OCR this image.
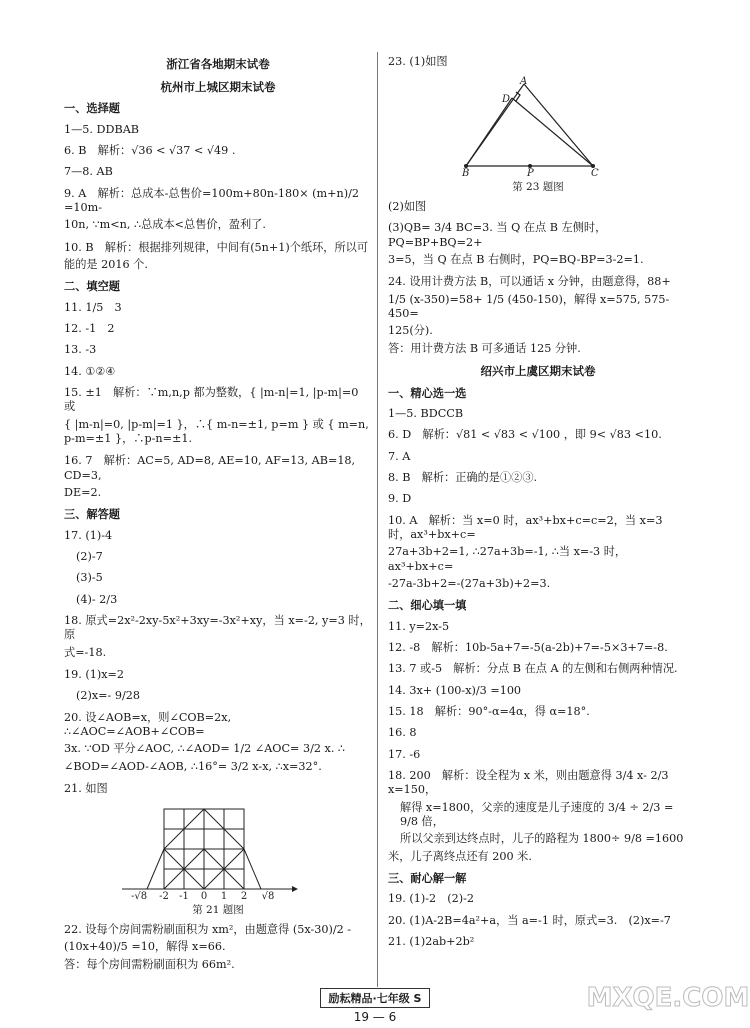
浙江省各地期末试卷
杭州市上城区期末试卷
一、选择题
1—5. DDBAB
6. B　解析：√36 < √37 < √49 .
7—8. AB

9. A　解析：总成本-总售价=100m+80n-180× (m+n)/2 =10m-

10n, ∵m<n, ∴总成本<总售价，盈利了.

10. B　解析：根据排列规律，中间有(5n+1)个纸环，所以可

能的是 2016 个.

二、填空题
11. 1/5　3
12. -1　2
13. -3
14. ①②④

15. ±1　解析：∵m,n,p 都为整数，{ |m-n|=1, |p-m|=0 或

{ |m-n|=0, |p-m|=1 }，∴{ m-n=±1, p=m } 或 { m=n, p-m=±1 }，∴p-n=±1.

16. 7　解析：AC=5, AD=8, AE=10, AF=13, AB=18, CD=3,

DE=2.

三、解答题
17. (1)-4
(2)-7
(3)-5
(4)- 2/3

18. 原式=2x²-2xy-5x²+3xy=-3x²+xy，当 x=-2, y=3 时，原

式=-18.

19. (1)x=2
(2)x=- 9/28

20. 设∠AOB=x，则∠COB=2x, ∴∠AOC=∠AOB+∠COB=

3x. ∵OD 平分∠AOC, ∴∠AOD= 1/2 ∠AOC= 3/2 x. ∴

∠BOD=∠AOD-∠AOB, ∴16°= 3/2 x-x, ∴x=32°.

21. 如图
-√8 -2 -1 0 1 2 √8
第 21 题图

22. 设每个房间需粉刷面积为 xm²，由题意得 (5x-30)/2 -

(10x+40)/5 =10，解得 x=66.

答：每个房间需粉刷面积为 66m².

23. (1)如图
A
D
B	P	C
第 23 题图
(2)如图

(3)QB= 3/4 BC=3. 当 Q 在点 B 左侧时，PQ=BP+BQ=2+

3=5，当 Q 在点 B 右侧时，PQ=BQ-BP=3-2=1.

24. 设用计费方法 B，可以通话 x 分钟，由题意得，88+

1/5 (x-350)=58+ 1/5 (450-150)，解得 x=575, 575-450=

125(分).

答：用计费方法 B 可多通话 125 分钟.

绍兴市上虞区期末试卷
一、精心选一选
1—5. BDCCB
6. D　解析：√81 < √83 < √100 ，即 9< √83 <10.
7. A
8. B　解析：正确的是①②③.
9. D

10. A　解析：当 x=0 时，ax³+bx+c=c=2，当 x=3 时，ax³+bx+c=

27a+3b+2=1, ∴27a+3b=-1, ∴当 x=-3 时，ax³+bx+c=

-27a-3b+2=-(27a+3b)+2=3.

二、细心填一填
11. y=2x-5
12. -8　解析：10b-5a+7=-5(a-2b)+7=-5×3+7=-8.
13. 7 或-5　解析：分点 B 在点 A 的左侧和右侧两种情况.
14. 3x+ (100-x)/3 =100
15. 18　解析：90°-α=4α，得 α=18°.
16. 8
17. -6

18. 200　解析：设全程为 x 米，则由题意得 3/4 x- 2/3 x=150，

解得 x=1800，父亲的速度是儿子速度的 3/4 ÷ 2/3 = 9/8 倍，

所以父亲到达终点时，儿子的路程为 1800÷ 9/8 =1600

米，儿子离终点还有 200 米.

三、耐心解一解
19. (1)-2　(2)-2
20. (1)A-2B=4a²+a，当 a=-1 时，原式=3.　(2)x=-7
21. (1)2ab+2b²
励耘精品·七年级 S
19 — 6
MXQE.COM
